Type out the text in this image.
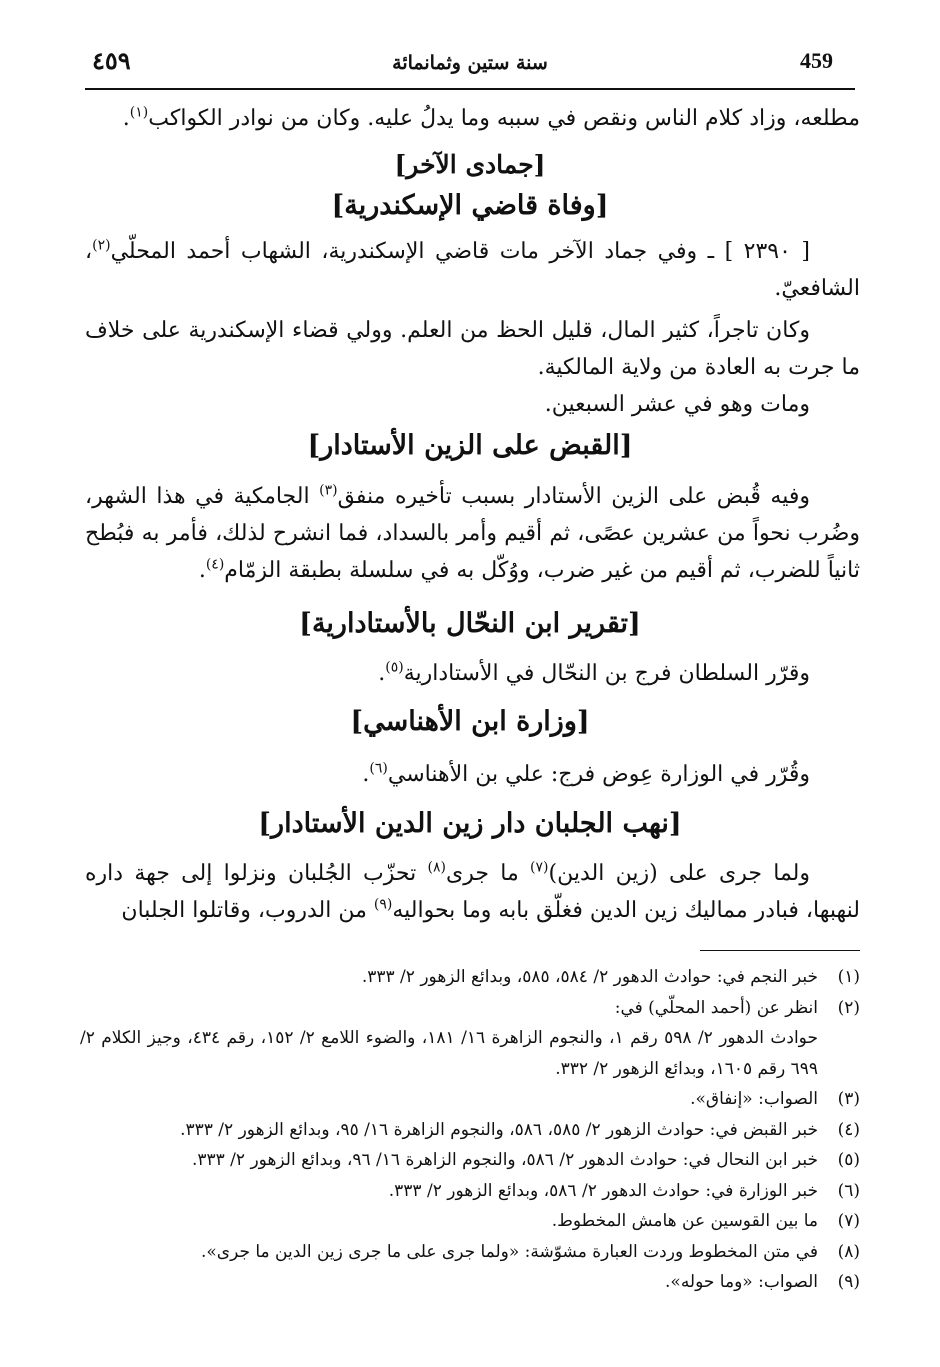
459
سنة ستين وثمانمائة
٤٥٩
مطلعه، وزاد كلام الناس ونقص في سببه وما يدلُ عليه. وكان من نوادر الكواكب$^{(١)}$.
[جمادى الآخر]
[وفاة قاضي الإسكندرية]
[ ٢٣٩٠ ] ـ وفي جماد الآخر مات قاضي الإسكندرية، الشهاب أحمد المحلّي$^{(٢)}$، الشافعيّ.
وكان تاجراً، كثير المال، قليل الحظ من العلم. وولي قضاء الإسكندرية على خلاف ما جرت به العادة من ولاية المالكية.
ومات وهو في عشر السبعين.
[القبض على الزين الأستادار]
وفيه قُبض على الزين الأستادار بسبب تأخيره منفق$^{(٣)}$ الجامكية في هذا الشهر، وضُرب نحواً من عشرين عصًى، ثم أقيم وأمر بالسداد، فما انشرح لذلك، فأمر به فبُطح ثانياً للضرب، ثم أقيم من غير ضرب، ووُكّل به في سلسلة بطبقة الزمّام$^{(٤)}$.
[تقرير ابن النحّال بالأستادارية]
وقرّر السلطان فرج بن النحّال في الأستادارية$^{(٥)}$.
[وزارة ابن الأهناسي]
وقُرّر في الوزارة عِوض فرج: علي بن الأهناسي$^{(٦)}$.
[نهب الجلبان دار زين الدين الأستادار]
ولما جرى على (زين الدين)$^{(٧)}$ ما جرى$^{(٨)}$ تحزّب الجُلبان ونزلوا إلى جهة داره لنهبها، فبادر مماليك زين الدين فغلّق بابه وما بحواليه$^{(٩)}$ من الدروب، وقاتلوا الجلبان
(١)
خبر النجم في: حوادث الدهور ٢/ ٥٨٤، ٥٨٥، وبدائع الزهور ٢/ ٣٣٣.
(٢)
انظر عن (أحمد المحلّي) في:
حوادث الدهور ٢/ ٥٩٨ رقم ١، والنجوم الزاهرة ١٦/ ١٨١، والضوء اللامع ٢/ ١٥٢، رقم ٤٣٤، وجيز الكلام ٢/ ٦٩٩ رقم ١٦٠٥، وبدائع الزهور ٢/ ٣٣٢.
(٣)
الصواب: «إنفاق».
(٤)
خبر القبض في: حوادث الزهور ٢/ ٥٨٥، ٥٨٦، والنجوم الزاهرة ١٦/ ٩٥، وبدائع الزهور ٢/ ٣٣٣.
(٥)
خبر ابن النحال في: حوادث الدهور ٢/ ٥٨٦، والنجوم الزاهرة ١٦/ ٩٦، وبدائع الزهور ٢/ ٣٣٣.
(٦)
خبر الوزارة في: حوادث الدهور ٢/ ٥٨٦، وبدائع الزهور ٢/ ٣٣٣.
(٧)
ما بين القوسين عن هامش المخطوط.
(٨)
في متن المخطوط وردت العبارة مشوّشة: «ولما جرى على ما جرى زين الدين ما جرى».
(٩)
الصواب: «وما حوله».
